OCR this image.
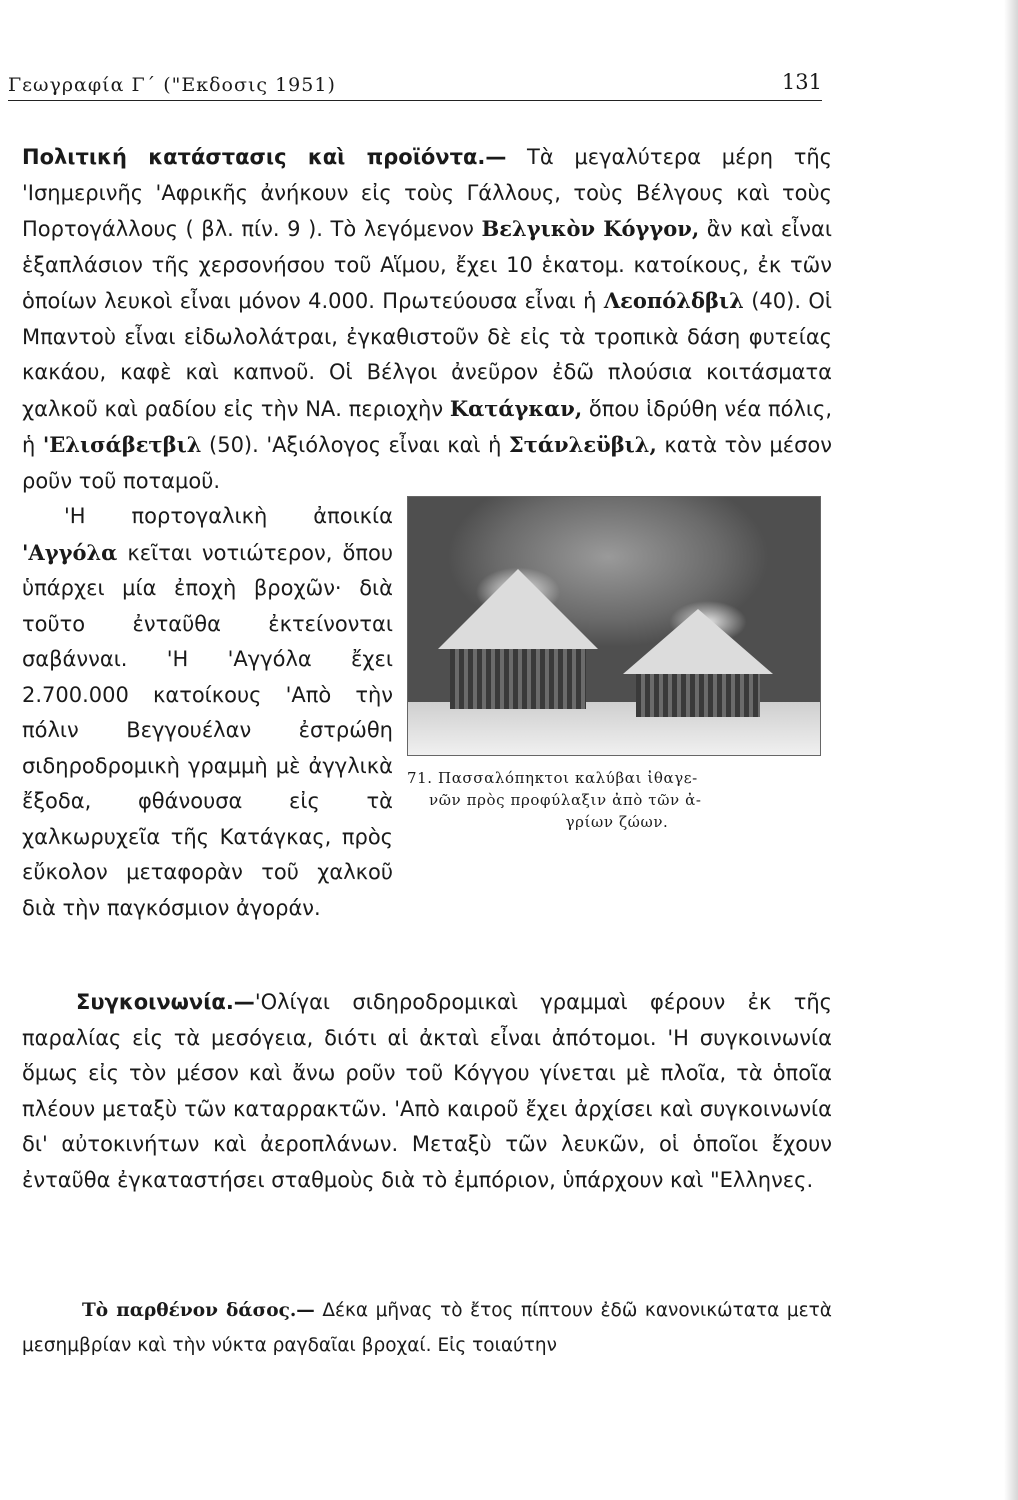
Γεωγραφία Γ΄ ("Εκδοσις 1951)	131

Πολιτική κατάστασις καὶ προϊόντα.— Τὰ μεγαλύτερα μέρη τῆς 'Ισημερινῆς 'Αφρικῆς ἀνήκουν εἰς τοὺς Γάλλους, τοὺς Βέλγους καὶ τοὺς Πορτογάλλους ( βλ. πίν. 9 ). Τὸ λεγόμενον Βελγικὸν Κόγγον, ἂν καὶ εἶναι ἑξαπλάσιον τῆς χερσονήσου τοῦ Αἵμου, ἔχει 10 ἑκατομ. κατοίκους, ἐκ τῶν ὁποίων λευκοὶ εἶναι μόνον 4.000. Πρωτεύουσα εἶναι ἡ Λεοπόλδβιλ (40). Οἱ Μπαντοὺ εἶναι εἰδωλολάτραι, ἐγκαθιστοῦν δὲ εἰς τὰ τροπικὰ δάση φυτείας κακάου, καφὲ καὶ καπνοῦ. Οἱ Βέλγοι ἀνεῦρον ἐδῶ πλούσια κοιτάσματα χαλκοῦ καὶ ραδίου εἰς τὴν ΝΑ. περιοχὴν Κατάγκαν, ὅπου ἱδρύθη νέα πόλις, ἡ 'Ελισάβετβιλ (50). 'Αξιόλογος εἶναι καὶ ἡ
71. Πασσαλόπηκτοι καλύβαι ἰθαγε-
νῶν πρὸς προφύλαξιν ἀπὸ τῶν ἀ-
γρίων ζώων.
Στάνλεϋβιλ, κατὰ τὸν μέσον ροῦν τοῦ ποταμοῦ.

'Η πορτογαλικὴ ἀποικία 'Αγγόλα κεῖται νοτιώτερον, ὅπου ὑπάρχει μία ἐποχὴ βροχῶν· διὰ τοῦτο ἐνταῦθα ἐκτείνονται σαβάνναι. 'Η 'Αγγόλα ἔχει 2.700.000 κατοίκους 'Απὸ τὴν πόλιν Βεγγουέλαν ἐστρώθη σιδηροδρομικὴ γραμμὴ μὲ ἀγγλικὰ ἔξοδα, φθάνουσα εἰς τὰ χαλκωρυχεῖα τῆς Κατάγκας, πρὸς εὔκολον μεταφορὰν τοῦ χαλκοῦ διὰ τὴν παγκόσμιον ἀγοράν.

Συγκοινωνία.—'Ολίγαι σιδηροδρομικαὶ γραμμαὶ φέρουν ἐκ τῆς παραλίας εἰς τὰ μεσόγεια, διότι αἱ ἀκταὶ εἶναι ἀπότομοι. 'Η συγκοινωνία ὅμως εἰς τὸν μέσον καὶ ἄνω ροῦν τοῦ Κόγγου γίνεται μὲ πλοῖα, τὰ ὁποῖα πλέουν μεταξὺ τῶν καταρρακτῶν. 'Απὸ καιροῦ ἔχει ἀρχίσει καὶ συγκοινωνία δι' αὐτοκινήτων καὶ ἀεροπλάνων. Μεταξὺ τῶν λευκῶν, οἱ ὁποῖοι ἔχουν ἐνταῦθα ἐγκαταστήσει σταθμοὺς διὰ τὸ ἐμπόριον, ὑπάρχουν καὶ "Ελληνες.

Τὸ παρθένον δάσος.— Δέκα μῆνας τὸ ἔτος πίπτουν ἐδῶ κανονικώτατα μετὰ μεσημβρίαν καὶ τὴν νύκτα ραγδαῖαι βροχαί. Εἰς τοιαύτην
